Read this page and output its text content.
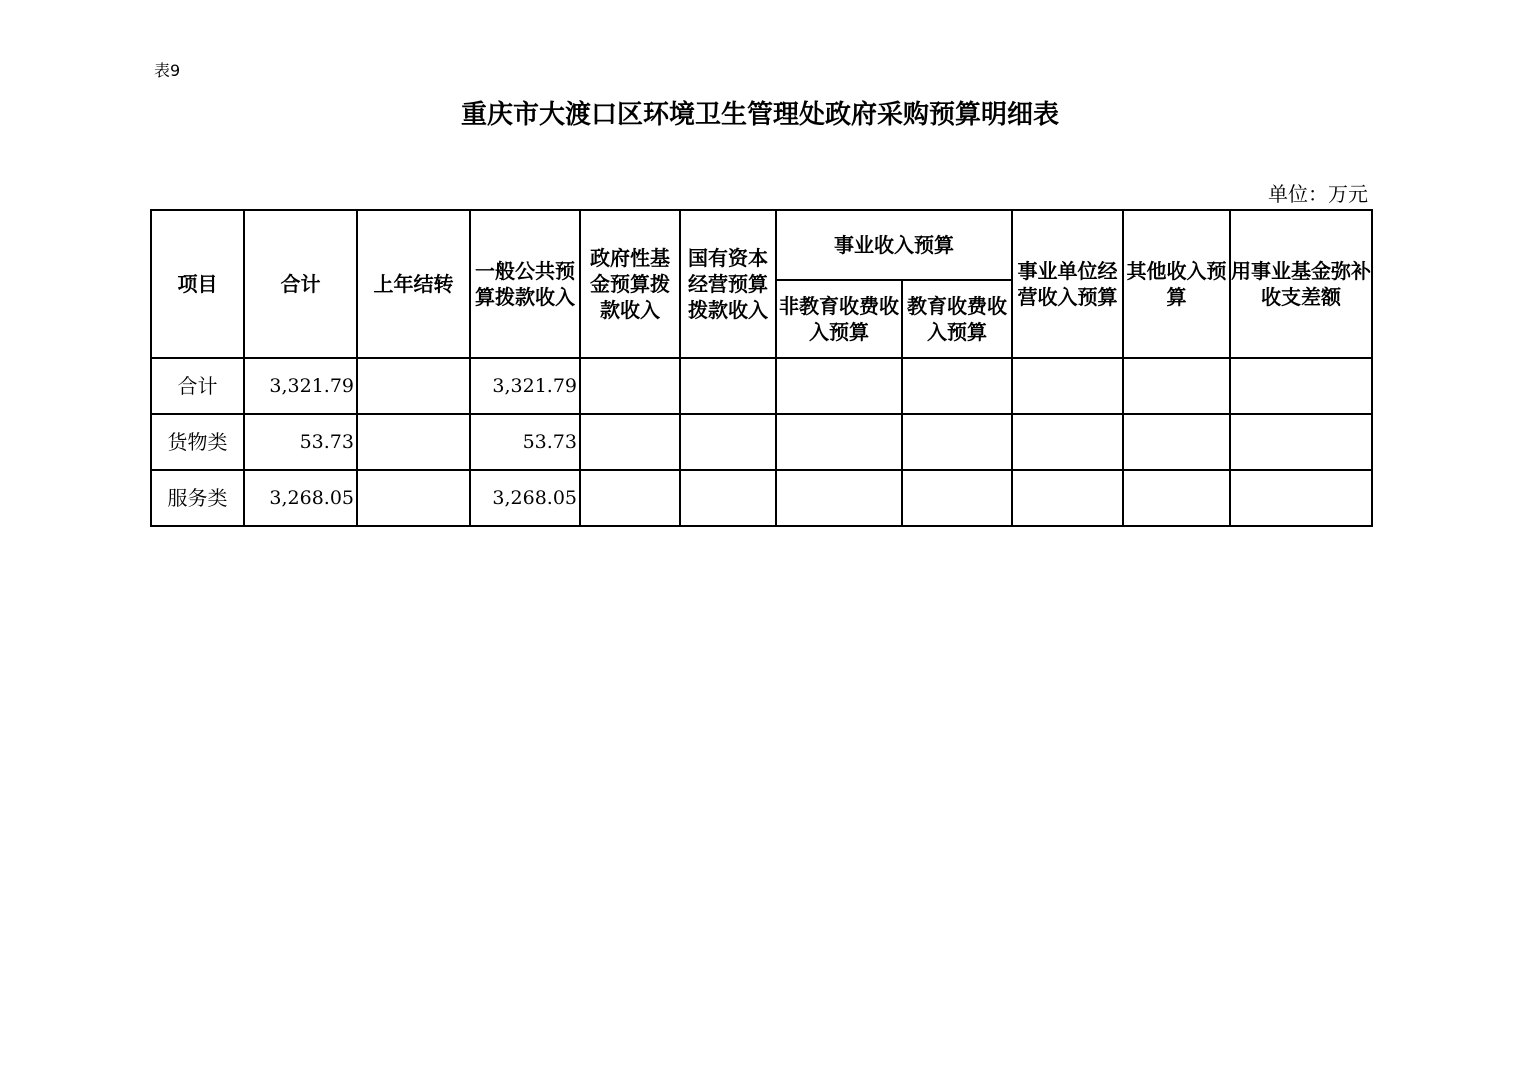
表9
重庆市大渡口区环境卫生管理处政府采购预算明细表
单位：万元
项目	合计	上年结转	一般公共预算拨款收入	政府性基金预算拨款收入	国有资本经营预算拨款收入	事业收入预算		事业单位经营收入预算	其他收入预算	用事业基金弥补收支差额
						非教育收费收入预算	教育收费收入预算			
合计	3,321.79		3,321.79							
货物类	53.73		53.73							
服务类	3,268.05		3,268.05							
